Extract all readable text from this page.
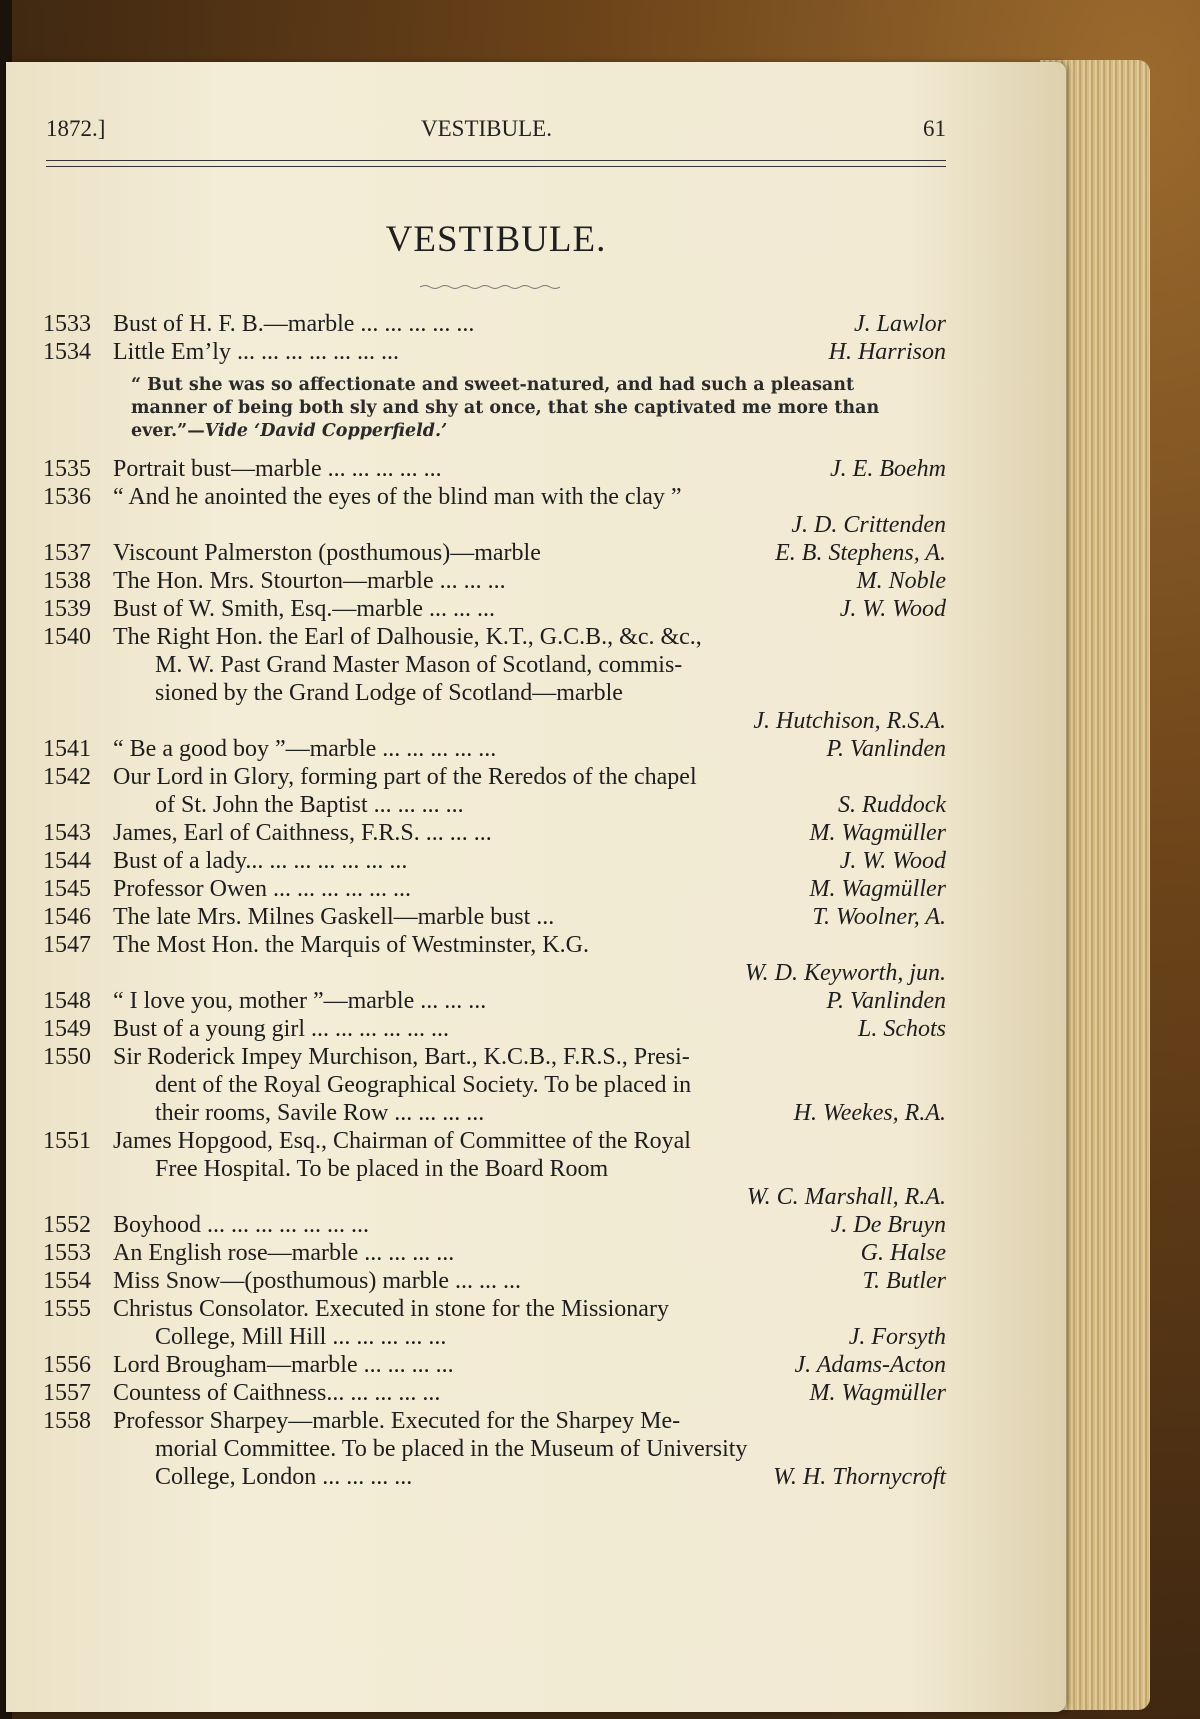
1872.]	VESTIBULE.	61
VESTIBULE.
1533 Bust of H. F. B.—marble ... ... ... ... ...	J. Lawlor
1534 Little Em’ly ... ... ... ... ... ... ...	H. Harrison
“ But she was so affectionate and sweet-natured, and had such a pleasant manner of being both sly and shy at once, that she captivated me more than ever.”—Vide ‘David Copperfield.’
1535 Portrait bust—marble ... ... ... ... ...	J. E. Boehm
1536 “ And he anointed the eyes of the blind man with the clay ”
J. D. Crittenden
1537 Viscount Palmerston (posthumous)—marble	E. B. Stephens, A.
1538 The Hon. Mrs. Stourton—marble ... ... ...	M. Noble
1539 Bust of W. Smith, Esq.—marble ... ... ...	J. W. Wood
1540 The Right Hon. the Earl of Dalhousie, K.T., G.C.B., &c. &c.,
M. W. Past Grand Master Mason of Scotland, commis-
sioned by the Grand Lodge of Scotland—marble
J. Hutchison, R.S.A.
1541 “ Be a good boy ”—marble ... ... ... ... ...	P. Vanlinden
1542 Our Lord in Glory, forming part of the Reredos of the chapel
of St. John the Baptist ... ... ... ...	S. Ruddock
1543 James, Earl of Caithness, F.R.S. ... ... ...	M. Wagmüller
1544 Bust of a lady... ... ... ... ... ... ...	J. W. Wood
1545 Professor Owen ... ... ... ... ... ...	M. Wagmüller
1546 The late Mrs. Milnes Gaskell—marble bust ...	T. Woolner, A.
1547 The Most Hon. the Marquis of Westminster, K.G.
W. D. Keyworth, jun.
1548 “ I love you, mother ”—marble ... ... ...	P. Vanlinden
1549 Bust of a young girl ... ... ... ... ... ...	L. Schots
1550 Sir Roderick Impey Murchison, Bart., K.C.B., F.R.S., Presi-
dent of the Royal Geographical Society. To be placed in
their rooms, Savile Row ... ... ... ...	H. Weekes, R.A.
1551 James Hopgood, Esq., Chairman of Committee of the Royal
Free Hospital. To be placed in the Board Room
W. C. Marshall, R.A.
1552 Boyhood ... ... ... ... ... ... ...	J. De Bruyn
1553 An English rose—marble ... ... ... ...	G. Halse
1554 Miss Snow—(posthumous) marble ... ... ...	T. Butler
1555 Christus Consolator. Executed in stone for the Missionary
College, Mill Hill ... ... ... ... ...	J. Forsyth
1556 Lord Brougham—marble ... ... ... ...	J. Adams-Acton
1557 Countess of Caithness... ... ... ... ...	M. Wagmüller
1558 Professor Sharpey—marble. Executed for the Sharpey Me-
morial Committee. To be placed in the Museum of University
College, London ... ... ... ...	W. H. Thornycroft
